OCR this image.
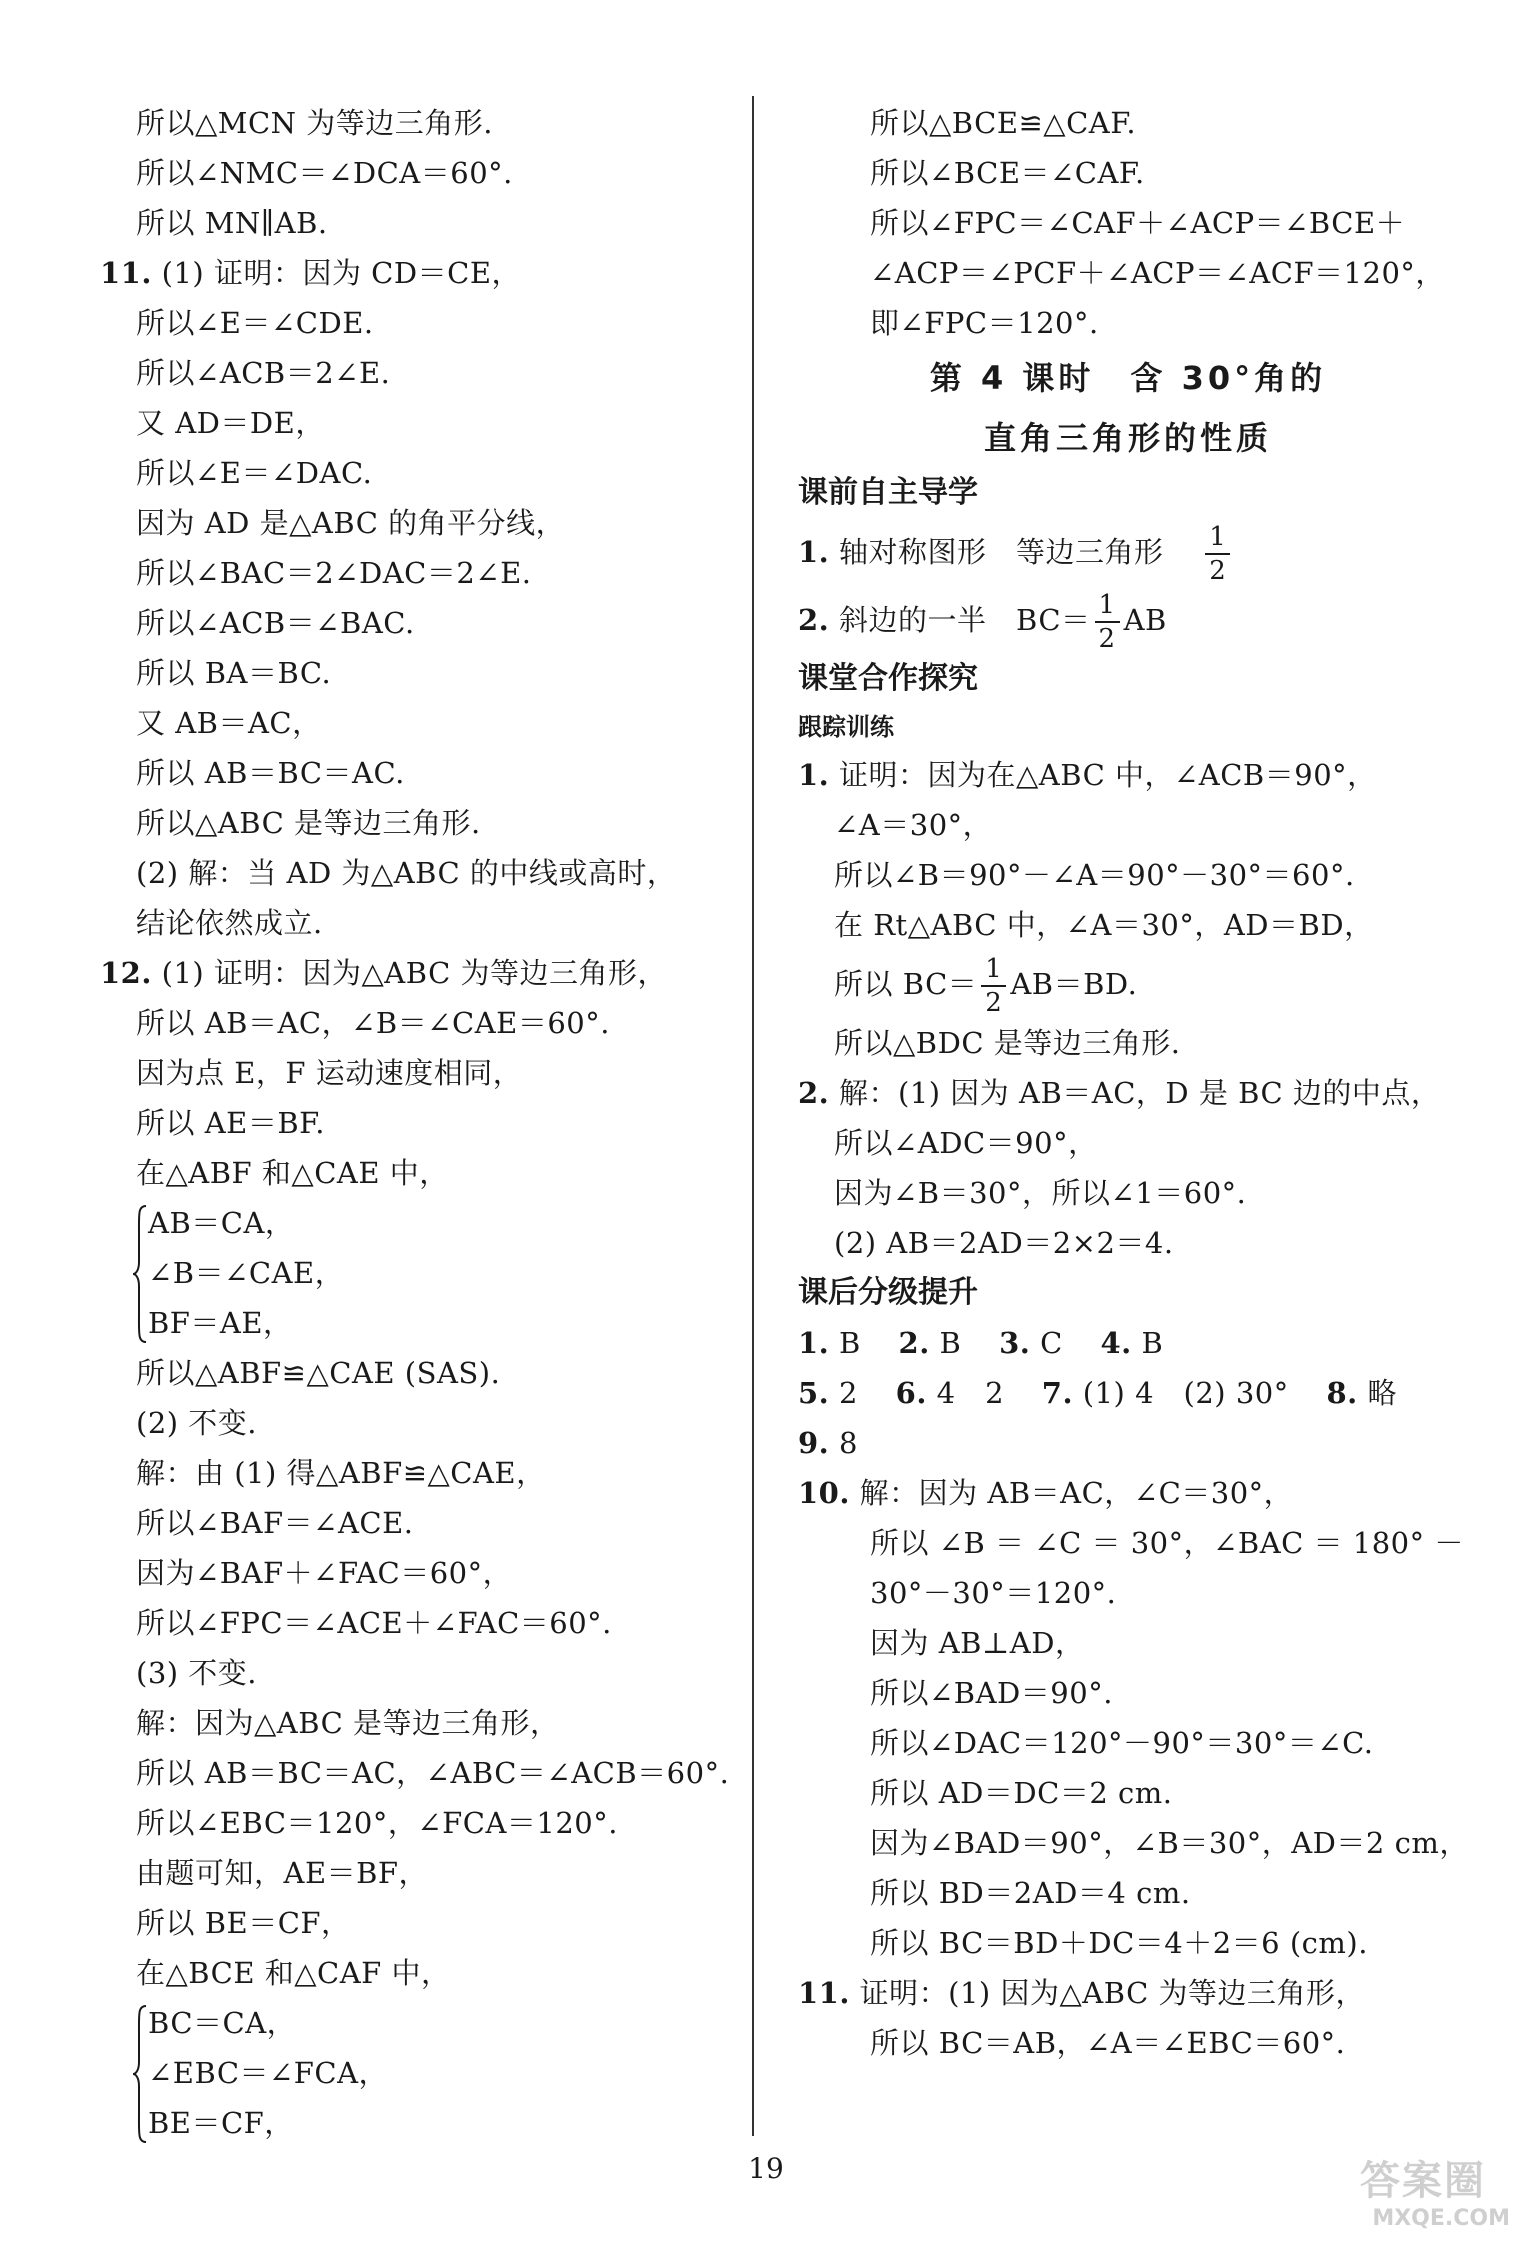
所以△MCN 为等边三角形.
所以∠NMC＝∠DCA＝60°.
所以 MN∥AB.
11. (1) 证明：因为 CD＝CE，
所以∠E＝∠CDE.
所以∠ACB＝2∠E.
又 AD＝DE，
所以∠E＝∠DAC.
因为 AD 是△ABC 的角平分线，
所以∠BAC＝2∠DAC＝2∠E.
所以∠ACB＝∠BAC.
所以 BA＝BC.
又 AB＝AC，
所以 AB＝BC＝AC.
所以△ABC 是等边三角形.
(2) 解：当 AD 为△ABC 的中线或高时，
结论依然成立.
12. (1) 证明：因为△ABC 为等边三角形，
所以 AB＝AC，∠B＝∠CAE＝60°.
因为点 E，F 运动速度相同，
所以 AE＝BF.
在△ABF 和△CAE 中，
AB＝CA，
∠B＝∠CAE，
BF＝AE，
所以△ABF≌△CAE (SAS).
(2) 不变.
解：由 (1) 得△ABF≌△CAE，
所以∠BAF＝∠ACE.
因为∠BAF＋∠FAC＝60°，
所以∠FPC＝∠ACE＋∠FAC＝60°.
(3) 不变.
解：因为△ABC 是等边三角形，
所以 AB＝BC＝AC，∠ABC＝∠ACB＝60°.
所以∠EBC＝120°，∠FCA＝120°.
由题可知，AE＝BF，
所以 BE＝CF，
在△BCE 和△CAF 中，
BC＝CA，
∠EBC＝∠FCA，
BE＝CF，
所以△BCE≌△CAF.
所以∠BCE＝∠CAF.
所以∠FPC＝∠CAF＋∠ACP＝∠BCE＋
∠ACP＝∠PCF＋∠ACP＝∠ACF＝120°，
即∠FPC＝120°.
第 4 课时　含 30°角的
直角三角形的性质
课前自主导学
1. 轴对称图形　等边三角形 $\frac{1}{2}$
2. 斜边的一半　$BC= \frac{1}{2}$ AB
课堂合作探究
跟踪训练
1. 证明：因为在△ABC 中，∠ACB＝90°，
∠A＝30°，
所以∠B＝90°－∠A＝90°－30°＝60°.
在 Rt△ABC 中，∠A＝30°，AD＝BD，
所以 $BC= \frac{1}{2} AB=BD$.
所以△BDC 是等边三角形.
2. 解：(1) 因为 AB＝AC，D 是 BC 边的中点，
所以∠ADC＝90°，
因为∠B＝30°，所以∠1＝60°.
(2) AB＝2AD＝2×2＝4.
课后分级提升
1. B 2. B 3. C 4. B
5. 2 6. 4　2 7. (1) 4　(2) 30° 8. 略
9. 8
10. 解：因为 AB＝AC，∠C＝30°，
所以 ∠B ＝ ∠C ＝ 30°，∠BAC ＝ 180° －
30°－30°＝120°.
因为 AB⊥AD，
所以∠BAD＝90°.
所以∠DAC＝120°－90°＝30°＝∠C.
所以 AD＝DC＝2 cm.
因为∠BAD＝90°，∠B＝30°，AD＝2 cm，
所以 BD＝2AD＝4 cm.
所以 BC＝BD＋DC＝4＋2＝6 (cm).
11. 证明：(1) 因为△ABC 为等边三角形，
所以 BC＝AB，∠A＝∠EBC＝60°.
19	答案圈
MXQE.COM
